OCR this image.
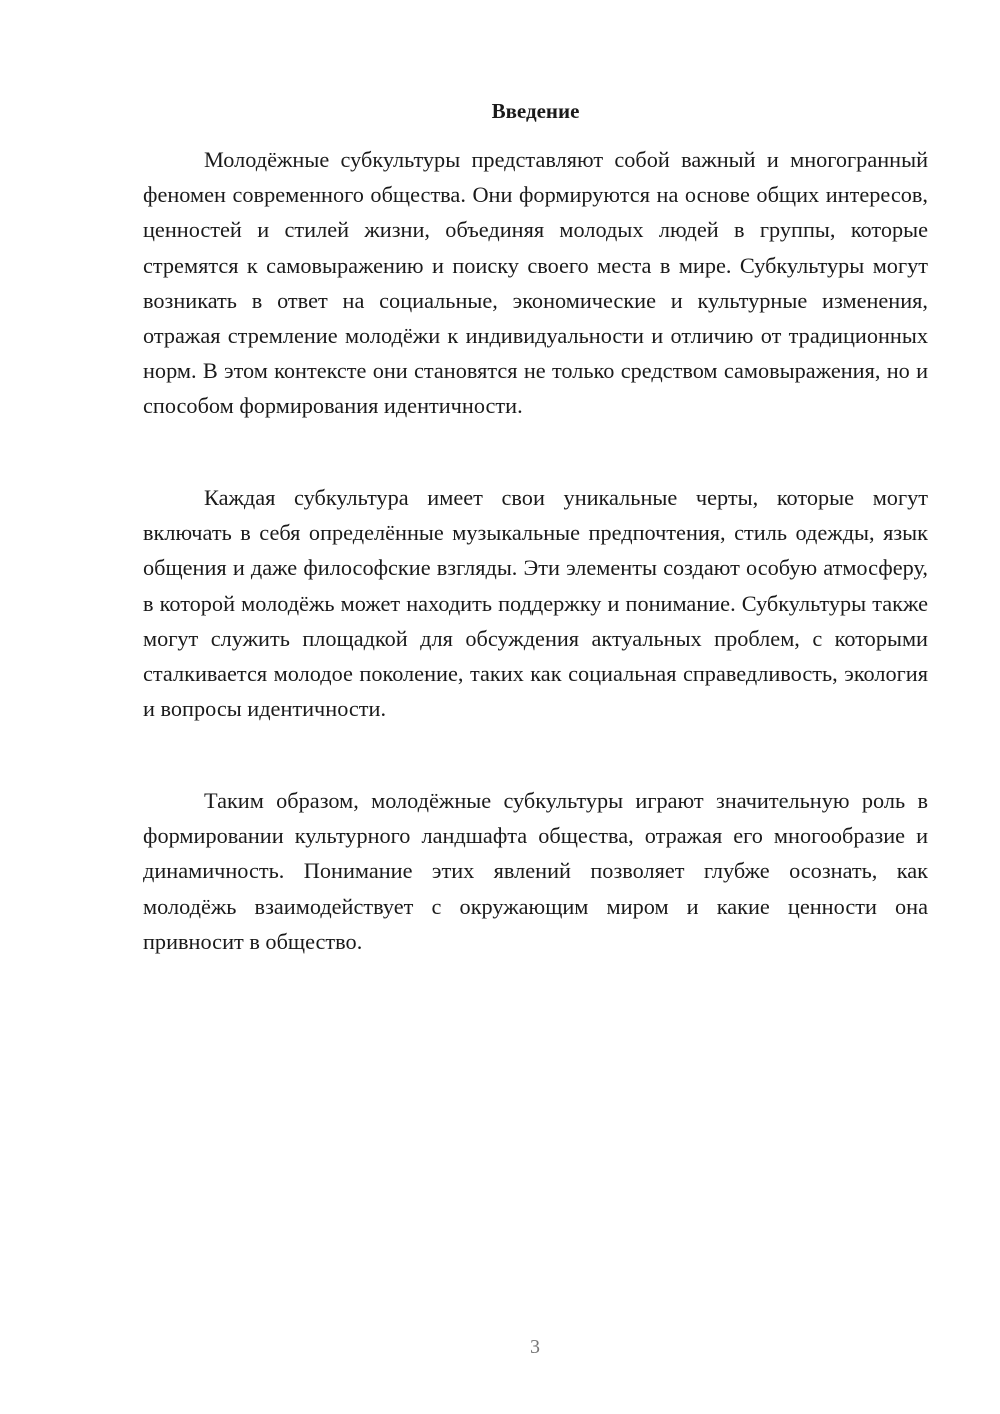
Введение

Молодёжные субкультуры представляют собой важный и многогранный феномен современного общества. Они формируются на основе общих интересов, ценностей и стилей жизни, объединяя молодых людей в группы, которые стремятся к самовыражению и поиску своего места в мире. Субкультуры могут возникать в ответ на социальные, экономические и культурные изменения, отражая стремление молодёжи к индивидуальности и отличию от традиционных норм. В этом контексте они становятся не только средством самовыражения, но и способом формирования идентичности.

Каждая субкультура имеет свои уникальные черты, которые могут включать в себя определённые музыкальные предпочтения, стиль одежды, язык общения и даже философские взгляды. Эти элементы создают особую атмосферу, в которой молодёжь может находить поддержку и понимание. Субкультуры также могут служить площадкой для обсуждения актуальных проблем, с которыми сталкивается молодое поколение, таких как социальная справедливость, экология и вопросы идентичности.

Таким образом, молодёжные субкультуры играют значительную роль в формировании культурного ландшафта общества, отражая его многообразие и динамичность. Понимание этих явлений позволяет глубже осознать, как молодёжь взаимодействует с окружающим миром и какие ценности она привносит в общество.

3
